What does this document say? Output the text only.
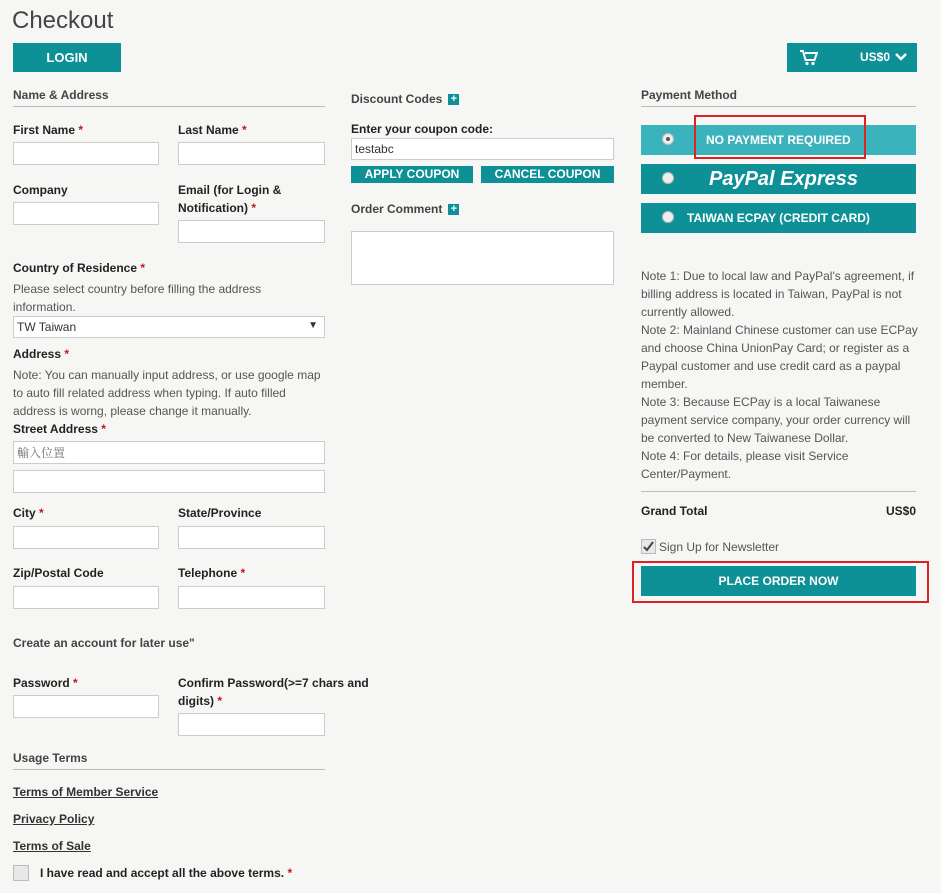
Checkout
LOGIN	US$0
Name & Address
First Name *	Last Name *
Company	Email (for Login &
Notification) *
Country of Residence *
Please select country before filling the address information.
TW Taiwan	▼
Address *
Note: You can manually input address, or use google map to auto fill related address when typing. If auto filled address is worng, please change it manually.
Street Address *
輸入位置
City *	State/Province
Zip/Postal Code	Telephone *
Create an account for later use"
Password *	Confirm Password(>=7 chars and
digits) *
Usage Terms
Terms of Member Service
Privacy Policy
Terms of Sale
I have read and accept all the above terms. *
Discount Codes +
Enter your coupon code:
testabc
APPLY COUPON	CANCEL COUPON
Order Comment +
Payment Method
NO PAYMENT REQUIRED
PayPal Express
TAIWAN ECPAY (CREDIT CARD)
Note 1: Due to local law and PayPal's agreement, if billing address is located in Taiwan, PayPal is not currently allowed.
Note 2: Mainland Chinese customer can use ECPay and choose China UnionPay Card; or register as a Paypal customer and use credit card as a paypal member.
Note 3: Because ECPay is a local Taiwanese payment service company, your order currency will be converted to New Taiwanese Dollar.
Note 4: For details, please visit Service Center/Payment.
Grand Total	US$0
Sign Up for Newsletter
PLACE ORDER NOW
